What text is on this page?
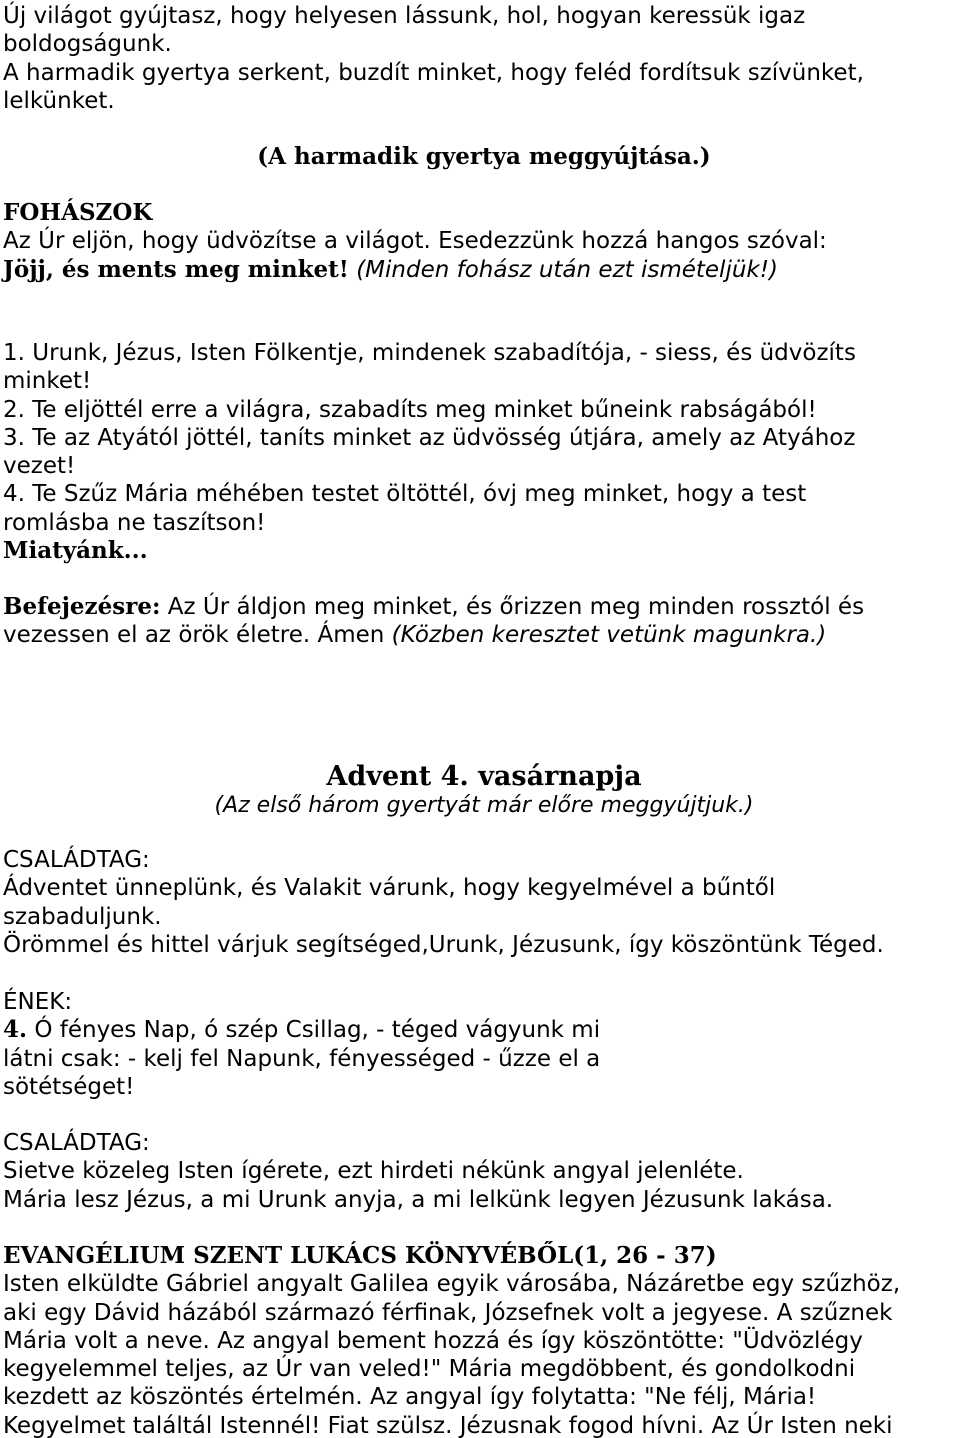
Új világot gyújtasz, hogy helyesen lássunk, hol, hogyan keressük igaz boldogságunk.

A harmadik gyertya serkent, buzdít minket, hogy feléd fordítsuk szívünket, lelkünket.

(A harmadik gyertya meggyújtása.)
FOHÁSZOK

Az Úr eljön, hogy üdvözítse a világot. Esedezzünk hozzá hangos szóval: Jöjj, és ments meg minket! (Minden fohász után ezt ismételjük!)

1. Urunk, Jézus, Isten Fölkentje, mindenek szabadítója, - siess, és üdvözíts minket!

2. Te eljöttél erre a világra, szabadíts meg minket bűneink rabságából!

3. Te az Atyától jöttél, taníts minket az üdvösség útjára, amely az Atyához vezet!

4. Te Szűz Mária méhében testet öltöttél, óvj meg minket, hogy a test romlásba ne taszítson!

Miatyánk...

Befejezésre: Az Úr áldjon meg minket, és őrizzen meg minden rossztól és vezessen el az örök életre. Ámen (Közben keresztet vetünk magunkra.)

Advent 4. vasárnapja
(Az első három gyertyát már előre meggyújtjuk.)
CSALÁDTAG:

Ádventet ünneplünk, és Valakit várunk, hogy kegyelmével a bűntől szabaduljunk.

Örömmel és hittel várjuk segítséged,Urunk, Jézusunk, így köszöntünk Téged.

ÉNEK:

4. Ó fényes Nap, ó szép Csillag, - téged vágyunk mi látni csak: - kelj fel Napunk, fényességed - űzze el a sötétséget!

CSALÁDTAG:

Sietve közeleg Isten ígérete, ezt hirdeti nékünk angyal jelenléte.

Mária lesz Jézus, a mi Urunk anyja, a mi lelkünk legyen Jézusunk lakása.

EVANGÉLIUM SZENT LUKÁCS KÖNYVÉBŐL(1, 26 - 37)
Isten elküldte Gábriel angyalt Galilea egyik városába, Názáretbe egy szűzhöz,
aki egy Dávid házából származó férfinak, Józsefnek volt a jegyese. A szűznek
Mária volt a neve. Az angyal bement hozzá és így köszöntötte: "Üdvözlégy
kegyelemmel teljes, az Úr van veled!" Mária megdöbbent, és gondolkodni
kezdett az köszöntés értelmén. Az angyal így folytatta: "Ne félj, Mária!
Kegyelmet találtál Istennél! Fiat szülsz. Jézusnak fogod hívni. Az Úr Isten neki
